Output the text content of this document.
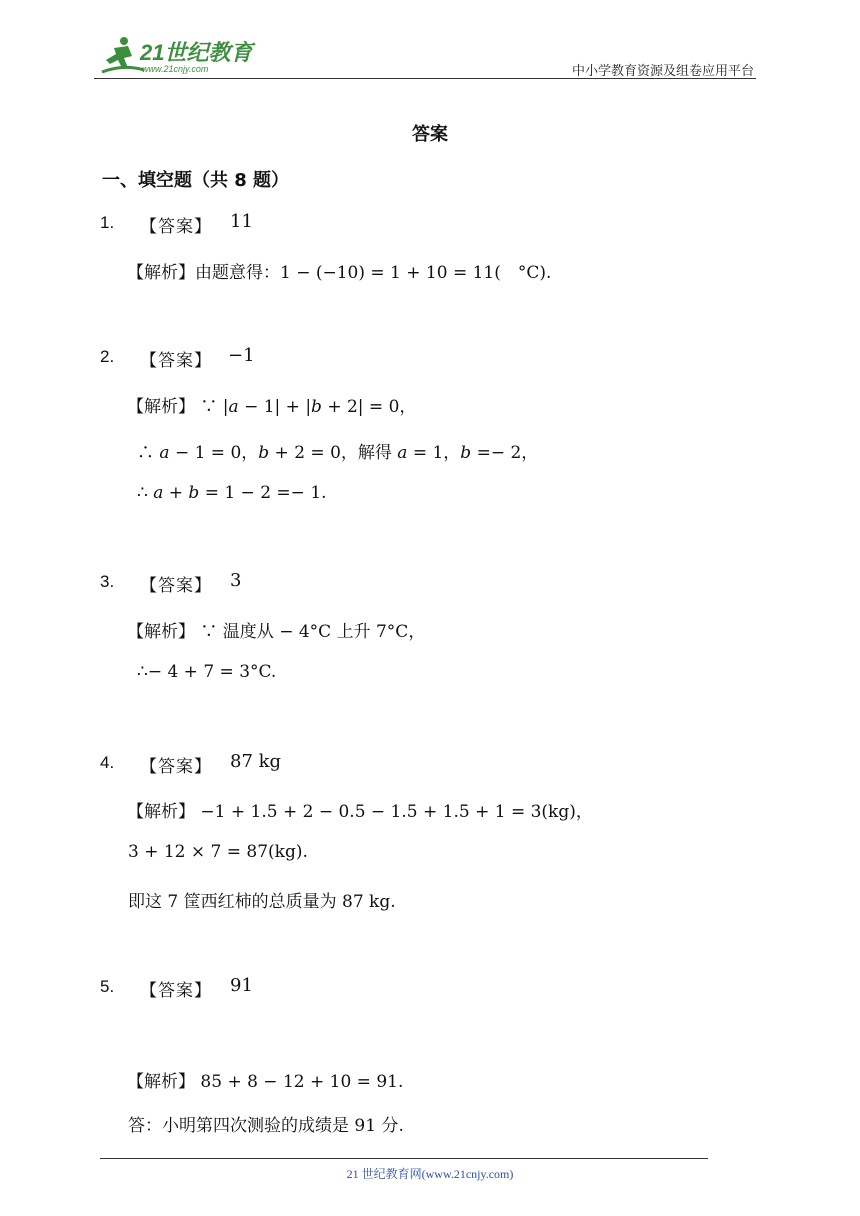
21世纪教育
www.21cnjy.com	中小学教育资源及组卷应用平台
答案
一、填空题（共 8 题）
1. 【答案】 11
【解析】由题意得：1 − (−10) = 1 + 10 = 11(　°C).
2. 【答案】 −1
【解析】 ∵ |𝑎 − 1| + |𝑏 + 2| = 0，
∴ 𝑎 − 1 = 0，𝑏 + 2 = 0，解得 𝑎 = 1，𝑏 =− 2，
∴ 𝑎 + 𝑏 = 1 − 2 =− 1.
3. 【答案】 3
【解析】 ∵ 温度从 − 4°C 上升 7°C，
∴− 4 + 7 = 3°C.
4. 【答案】 87 kg
【解析】 −1 + 1.5 + 2 − 0.5 − 1.5 + 1.5 + 1 = 3(kg)，
3 + 12 × 7 = 87(kg).
即这 7 筐西红柿的总质量为 87 kg.
5. 【答案】 91
【解析】 85 + 8 − 12 + 10 = 91.
答：小明第四次测验的成绩是 91 分.
21 世纪教育网(www.21cnjy.com)
